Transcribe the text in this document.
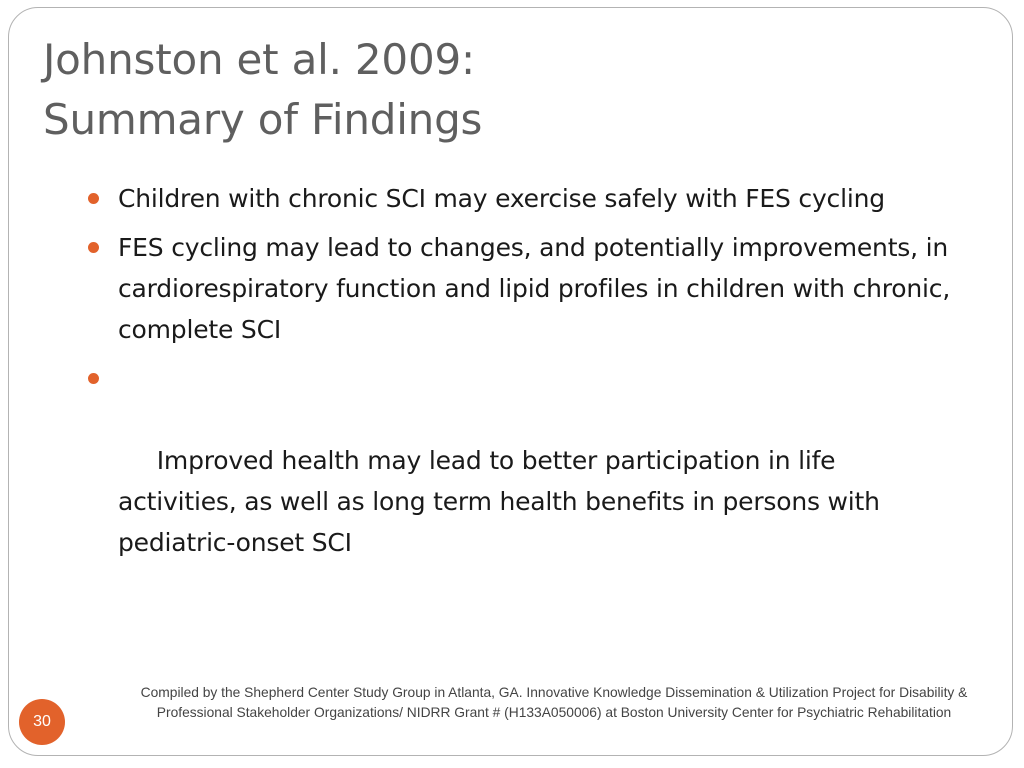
Johnston et al. 2009:
Summary of Findings
Children with chronic SCI may exercise safely with FES cycling
FES cycling may lead to changes, and potentially improvements, in cardiorespiratory function and lipid profiles in children with chronic, complete SCI

Improved health may lead to better participation in life activities, as well as long term health benefits in persons with pediatric-onset SCI

Compiled by the Shepherd Center Study Group in Atlanta, GA. Innovative Knowledge Dissemination & Utilization Project for Disability & Professional Stakeholder Organizations/ NIDRR Grant # (H133A050006) at Boston University Center for Psychiatric Rehabilitation

30
